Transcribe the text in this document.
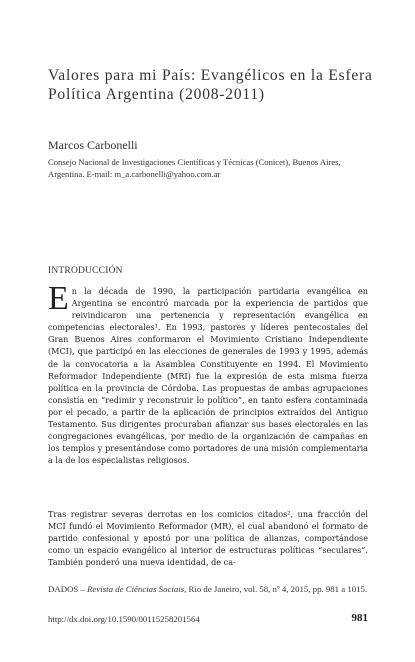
Valores para mi País: Evangélicos en la Esfera Política Argentina (2008-2011)
Marcos Carbonelli
Consejo Nacional de Investigaciones Científicas y Técnicas (Conicet), Buenos Aires, Argentina. E-mail: m_a.carbonelli@yahoo.com.ar
INTRODUCCIÓN
En la década de 1990, la participación partidaria evangélica en Argentina se encontró marcada por la experiencia de partidos que reivindicaron una pertenencia y representación evangélica en competencias electorales¹. En 1993, pastores y líderes pentecostales del Gran Buenos Aires conformaron el Movimiento Cristiano Independiente (MCI), que participó en las elecciones de generales de 1993 y 1995, además de la convocatoria a la Asamblea Constituyente en 1994. El Movimiento Reformador Independiente (MRI) fue la expresión de esta misma fuerza política en la provincia de Córdoba. Las propuestas de ambas agrupaciones consistía en “redimir y reconstruir lo político”, en tanto esfera contaminada por el pecado, a partir de la aplicación de principios extraídos del Antiguo Testamento. Sus dirigentes procuraban afianzar sus bases electorales en las congregaciones evangélicas, por medio de la organización de campañas en los templos y presentándose como portadores de una misión complementaria a la de los especialistas religiosos.
Tras registrar severas derrotas en los comicios citados², una fracción del MCI fundó el Movimiento Reformador (MR), el cual abandonó el formato de partido confesional y apostó por una política de alianzas, comportándose como un espacio evangélico al interior de estructuras políticas “seculares”. También ponderó una nueva identidad, de ca-
DADOS – Revista de Ciências Sociais, Rio de Janeiro, vol. 58, nº 4, 2015, pp. 981 a 1015.
http://dx.doi.org/10.1590/00115258201564	981
